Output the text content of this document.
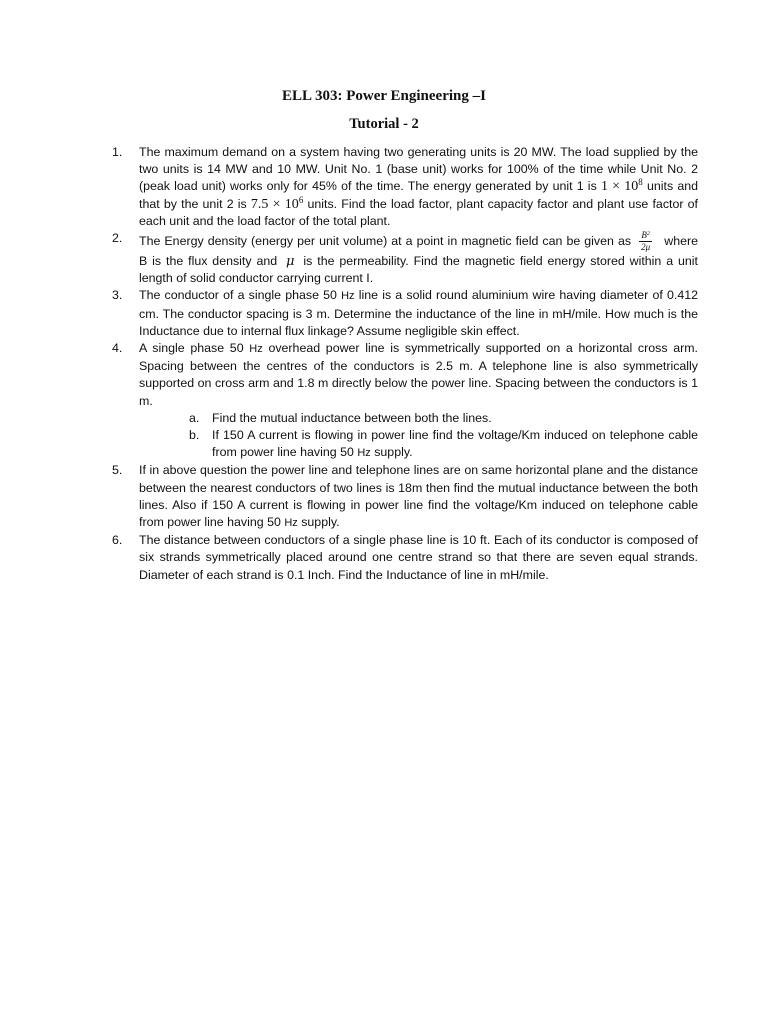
ELL 303: Power Engineering –I
Tutorial - 2
1. The maximum demand on a system having two generating units is 20 MW. The load supplied by the two units is 14 MW and 10 MW. Unit No. 1 (base unit) works for 100% of the time while Unit No. 2 (peak load unit) works only for 45% of the time. The energy generated by unit 1 is $1 \times 10^8$ units and that by the unit 2 is $7.5 \times 10^6$ units. Find the load factor, plant capacity factor and plant use factor of each unit and the load factor of the total plant.
2. The Energy density (energy per unit volume) at a point in magnetic field can be given as $\frac{B^2}{2\mu}$ where B is the flux density and μ is the permeability. Find the magnetic field energy stored within a unit length of solid conductor carrying current I.
3. The conductor of a single phase 50 Hz line is a solid round aluminium wire having diameter of 0.412 cm. The conductor spacing is 3 m. Determine the inductance of the line in mH/mile. How much is the Inductance due to internal flux linkage? Assume negligible skin effect.
4. A single phase 50 Hz overhead power line is symmetrically supported on a horizontal cross arm. Spacing between the centres of the conductors is 2.5 m. A telephone line is also symmetrically supported on cross arm and 1.8 m directly below the power line. Spacing between the conductors is 1 m.
a. Find the mutual inductance between both the lines.
b. If 150 A current is flowing in power line find the voltage/Km induced on telephone cable from power line having 50 Hz supply.
5. If in above question the power line and telephone lines are on same horizontal plane and the distance between the nearest conductors of two lines is 18m then find the mutual inductance between the both lines. Also if 150 A current is flowing in power line find the voltage/Km induced on telephone cable from power line having 50 Hz supply.
6. The distance between conductors of a single phase line is 10 ft. Each of its conductor is composed of six strands symmetrically placed around one centre strand so that there are seven equal strands. Diameter of each strand is 0.1 Inch. Find the Inductance of line in mH/mile.
